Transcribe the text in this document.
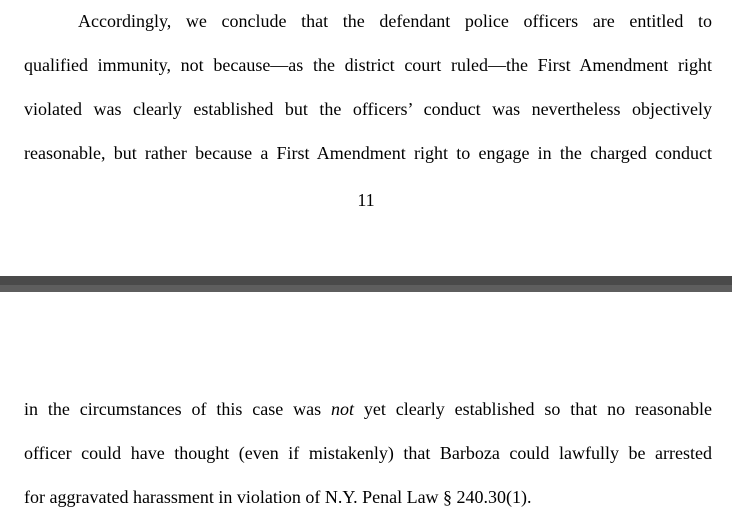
Accordingly, we conclude that the defendant police officers are entitled to
qualified immunity, not because—as the district court ruled—the First Amendment right
violated was clearly established but the officers’ conduct was nevertheless objectively
reasonable, but rather because a First Amendment right to engage in the charged conduct
11
in the circumstances of this case was not yet clearly established so that no reasonable
officer could have thought (even if mistakenly) that Barboza could lawfully be arrested
for aggravated harassment in violation of N.Y. Penal Law § 240.30(1).
